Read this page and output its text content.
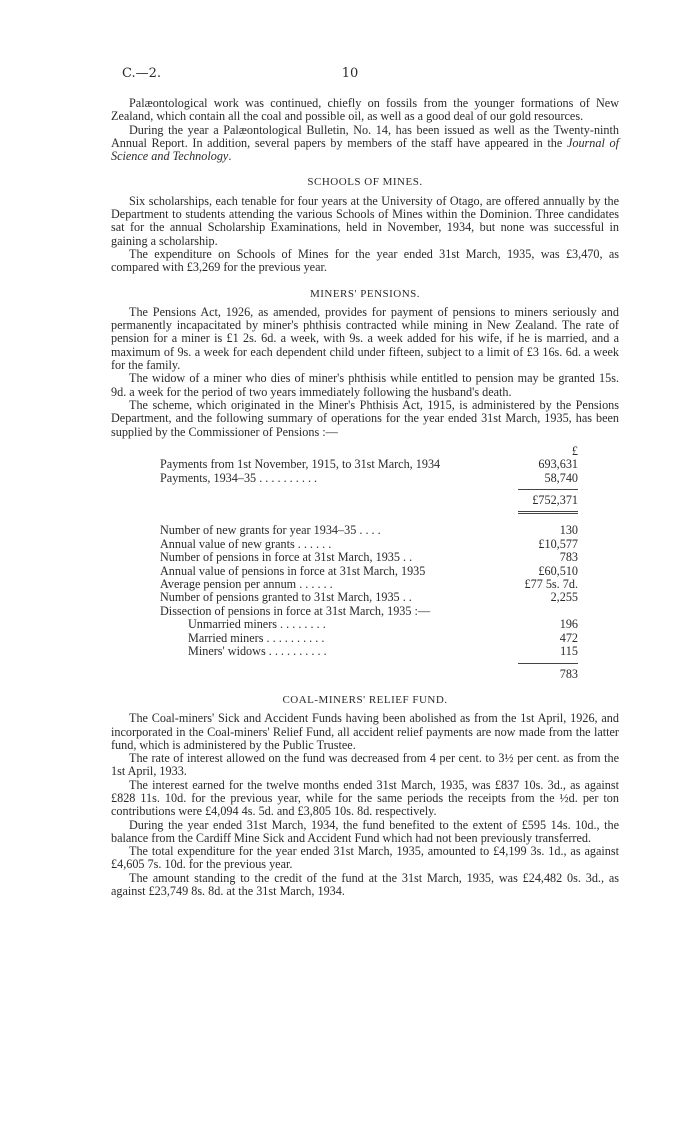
C.—2.	10

Palæontological work was continued, chiefly on fossils from the younger formations of New Zealand, which contain all the coal and possible oil, as well as a good deal of our gold resources.

During the year a Palæontological Bulletin, No. 14, has been issued as well as the Twenty-ninth Annual Report. In addition, several papers by members of the staff have appeared in the Journal of Science and Technology.

SCHOOLS OF MINES.

Six scholarships, each tenable for four years at the University of Otago, are offered annually by the Department to students attending the various Schools of Mines within the Dominion. Three candidates sat for the annual Scholarship Examinations, held in November, 1934, but none was successful in gaining a scholarship.

The expenditure on Schools of Mines for the year ended 31st March, 1935, was £3,470, as compared with £3,269 for the previous year.

MINERS' PENSIONS.

The Pensions Act, 1926, as amended, provides for payment of pensions to miners seriously and permanently incapacitated by miner's phthisis contracted while mining in New Zealand. The rate of pension for a miner is £1 2s. 6d. a week, with 9s. a week added for his wife, if he is married, and a maximum of 9s. a week for each dependent child under fifteen, subject to a limit of £3 16s. 6d. a week for the family.

The widow of a miner who dies of miner's phthisis while entitled to pension may be granted 15s. 9d. a week for the period of two years immediately following the husband's death.

The scheme, which originated in the Miner's Phthisis Act, 1915, is administered by the Pensions Department, and the following summary of operations for the year ended 31st March, 1935, has been supplied by the Commissioner of Pensions :—

£
Payments from 1st November, 1915, to 31st March, 1934	693,631
Payments, 1934–35 . . . . . . . . . .	58,740
£752,371
Number of new grants for year 1934–35 . . . .	130
Annual value of new grants . . . . . .	£10,577
Number of pensions in force at 31st March, 1935 . .	783
Annual value of pensions in force at 31st March, 1935	£60,510
Average pension per annum . . . . . .	£77 5s. 7d.
Number of pensions granted to 31st March, 1935 . .	2,255
Dissection of pensions in force at 31st March, 1935 :—
Unmarried miners . . . . . . . .	196
Married miners . . . . . . . . . .	472
Miners' widows . . . . . . . . . .	115
783
COAL-MINERS' RELIEF FUND.

The Coal-miners' Sick and Accident Funds having been abolished as from the 1st April, 1926, and incorporated in the Coal-miners' Relief Fund, all accident relief payments are now made from the latter fund, which is administered by the Public Trustee.

The rate of interest allowed on the fund was decreased from 4 per cent. to 3½ per cent. as from the 1st April, 1933.

The interest earned for the twelve months ended 31st March, 1935, was £837 10s. 3d., as against £828 11s. 10d. for the previous year, while for the same periods the receipts from the ½d. per ton contributions were £4,094 4s. 5d. and £3,805 10s. 8d. respectively.

During the year ended 31st March, 1934, the fund benefited to the extent of £595 14s. 10d., the balance from the Cardiff Mine Sick and Accident Fund which had not been previously transferred.

The total expenditure for the year ended 31st March, 1935, amounted to £4,199 3s. 1d., as against £4,605 7s. 10d. for the previous year.

The amount standing to the credit of the fund at the 31st March, 1935, was £24,482 0s. 3d., as against £23,749 8s. 8d. at the 31st March, 1934.
